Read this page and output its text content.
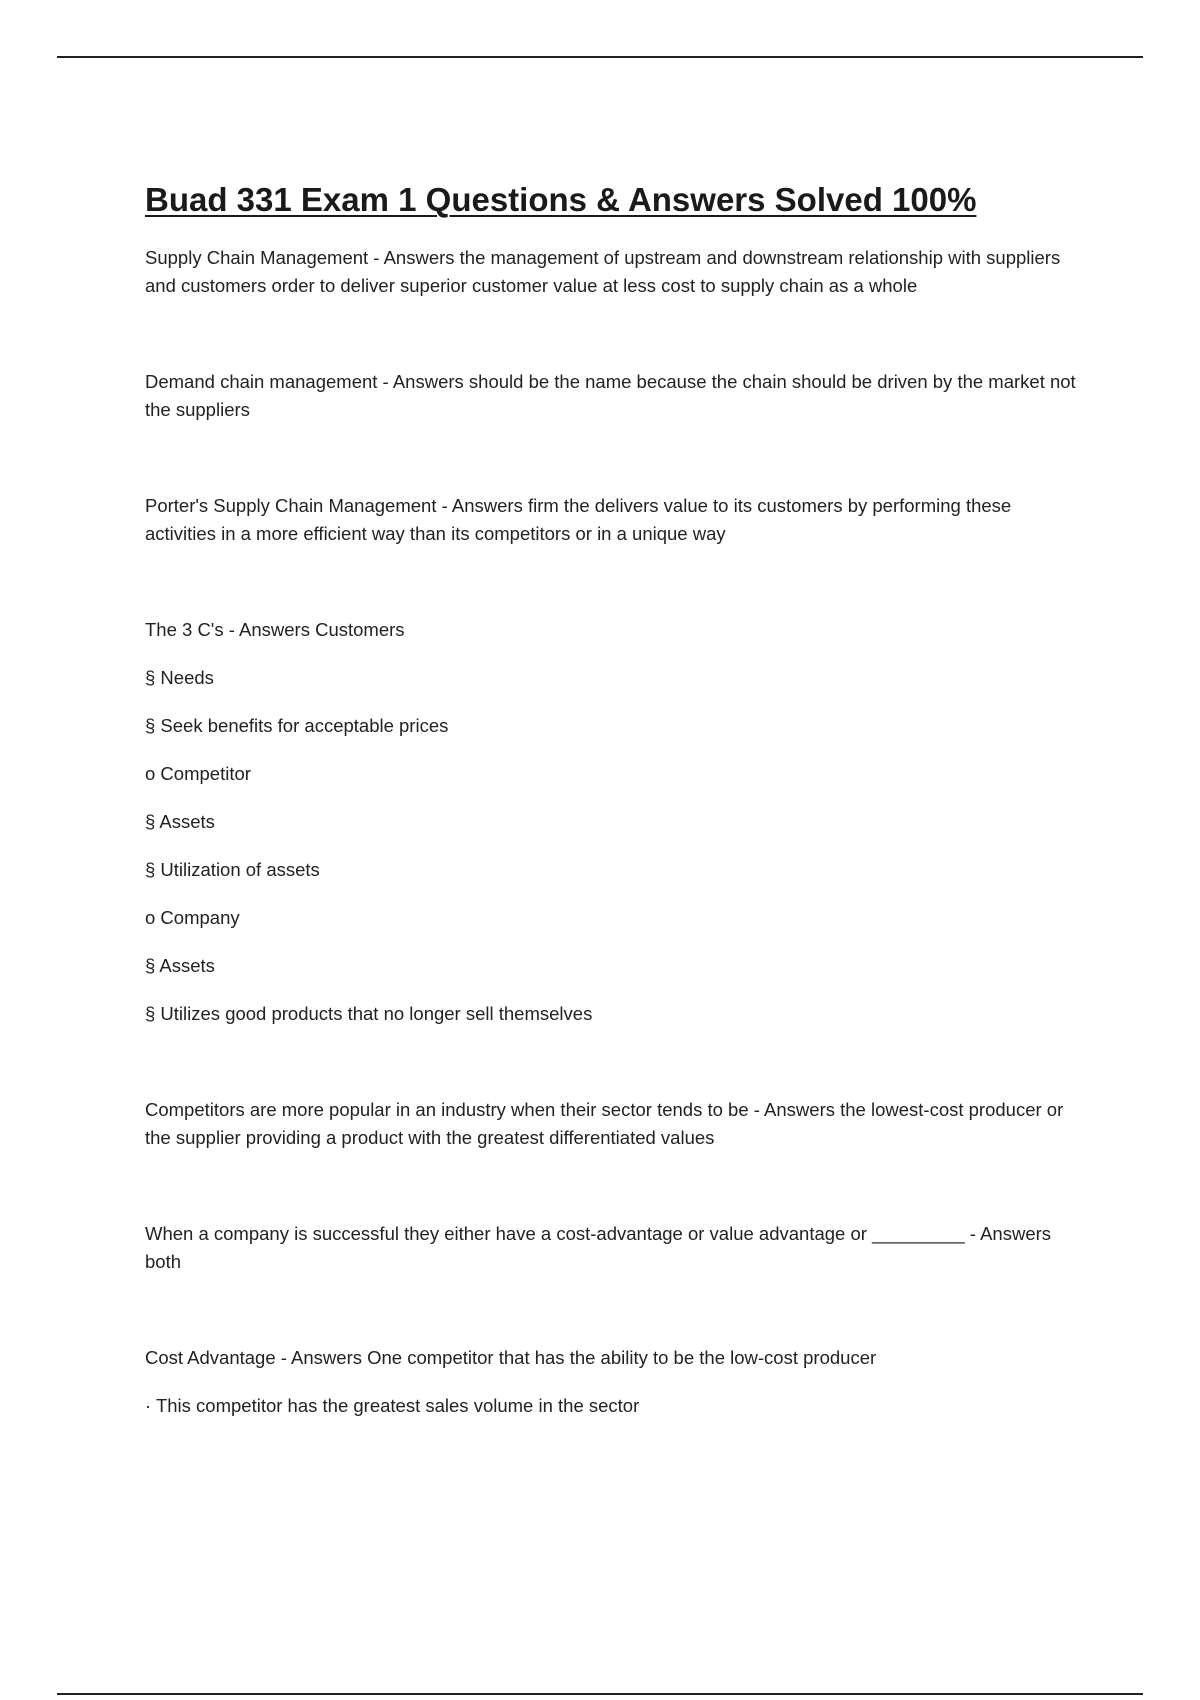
Buad 331 Exam 1 Questions & Answers Solved 100%

Supply Chain Management - Answers the management of upstream and downstream relationship with suppliers and customers order to deliver superior customer value at less cost to supply chain as a whole

Demand chain management - Answers should be the name because the chain should be driven by the market not the suppliers

Porter's Supply Chain Management - Answers firm the delivers value to its customers by performing these activities in a more efficient way than its competitors or in a unique way

The 3 C's - Answers Customers

§ Needs

§ Seek benefits for acceptable prices

o Competitor

§ Assets

§ Utilization of assets

o Company

§ Assets

§ Utilizes good products that no longer sell themselves

Competitors are more popular in an industry when their sector tends to be - Answers the lowest-cost producer or the supplier providing a product with the greatest differentiated values

When a company is successful they either have a cost-advantage or value advantage or _________ - Answers both

Cost Advantage - Answers One competitor that has the ability to be the low-cost producer

· This competitor has the greatest sales volume in the sector
